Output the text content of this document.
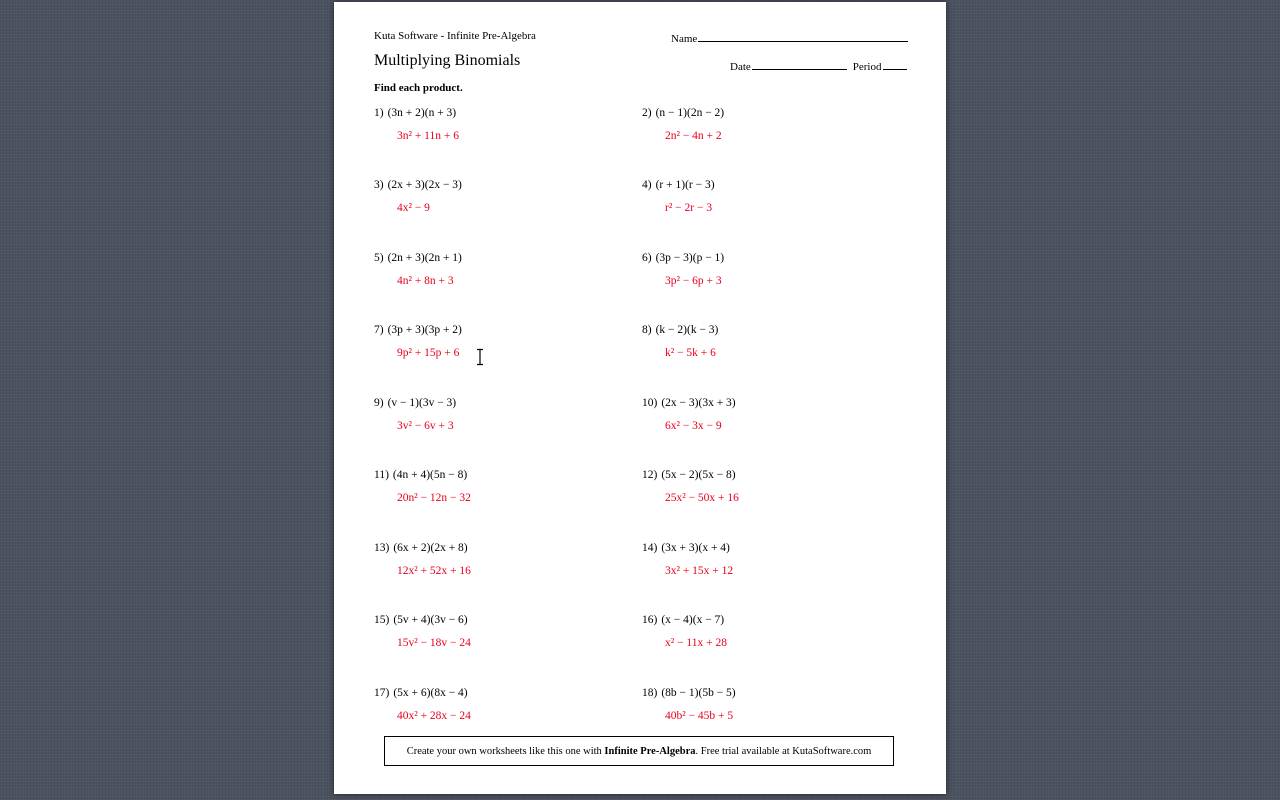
Kuta Software - Infinite Pre-Algebra	Name
Multiplying Binomials	Date	Period
Find each product.
1) (3n + 2)(n + 3)
3n² + 11n + 6
2) (n − 1)(2n − 2)
2n² − 4n + 2
3) (2x + 3)(2x − 3)
4x² − 9
4) (r + 1)(r − 3)
r² − 2r − 3
5) (2n + 3)(2n + 1)
4n² + 8n + 3
6) (3p − 3)(p − 1)
3p² − 6p + 3
7) (3p + 3)(3p + 2)
9p² + 15p + 6
8) (k − 2)(k − 3)
k² − 5k + 6
9) (v − 1)(3v − 3)
3v² − 6v + 3
10) (2x − 3)(3x + 3)
6x² − 3x − 9
11) (4n + 4)(5n − 8)
20n² − 12n − 32
12) (5x − 2)(5x − 8)
25x² − 50x + 16
13) (6x + 2)(2x + 8)
12x² + 52x + 16
14) (3x + 3)(x + 4)
3x² + 15x + 12
15) (5v + 4)(3v − 6)
15v² − 18v − 24
16) (x − 4)(x − 7)
x² − 11x + 28
17) (5x + 6)(8x − 4)
40x² + 28x − 24
18) (8b − 1)(5b − 5)
40b² − 45b + 5
Create your own worksheets like this one with Infinite Pre-Algebra. Free trial available at KutaSoftware.com
